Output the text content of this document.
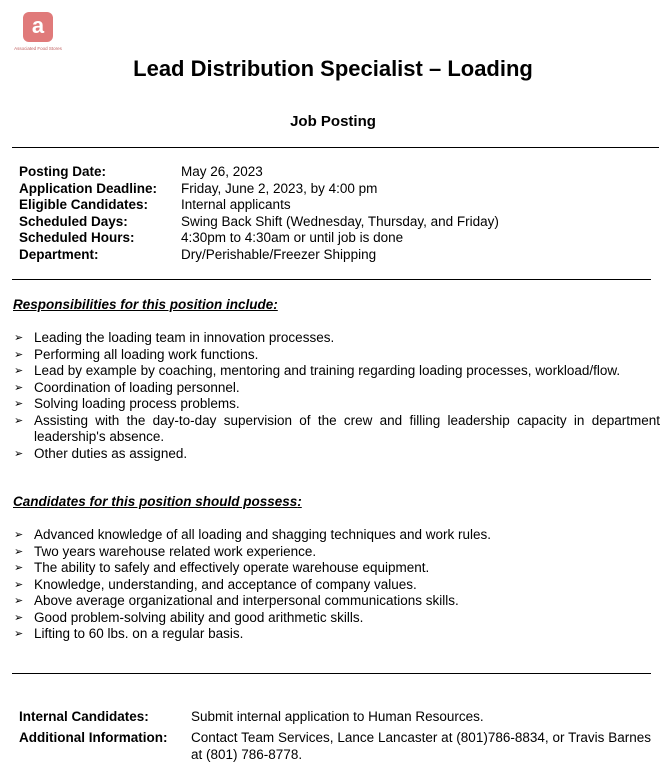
a
Associated Food Stores
Lead Distribution Specialist – Loading
Job Posting
Posting Date:	May 26, 2023
Application Deadline:	Friday, June 2, 2023, by 4:00 pm
Eligible Candidates:	Internal applicants
Scheduled Days:	Swing Back Shift (Wednesday, Thursday, and Friday)
Scheduled Hours:	4:30pm to 4:30am or until job is done
Department:	Dry/Perishable/Freezer Shipping
Responsibilities for this position include:
➢ Leading the loading team in innovation processes.
➢ Performing all loading work functions.
➢ Lead by example by coaching, mentoring and training regarding loading processes, workload/flow.
➢ Coordination of loading personnel.
➢ Solving loading process problems.
➢ Assisting with the day-to-day supervision of the crew and filling leadership capacity in department leadership's absence.
➢ Other duties as assigned.
Candidates for this position should possess:
➢ Advanced knowledge of all loading and shagging techniques and work rules.
➢ Two years warehouse related work experience.
➢ The ability to safely and effectively operate warehouse equipment.
➢ Knowledge, understanding, and acceptance of company values.
➢ Above average organizational and interpersonal communications skills.
➢ Good problem-solving ability and good arithmetic skills.
➢ Lifting to 60 lbs. on a regular basis.
Internal Candidates:	Submit internal application to Human Resources.
Additional Information:	Contact Team Services, Lance Lancaster at (801)786-8834, or Travis Barnes at (801) 786-8778.
